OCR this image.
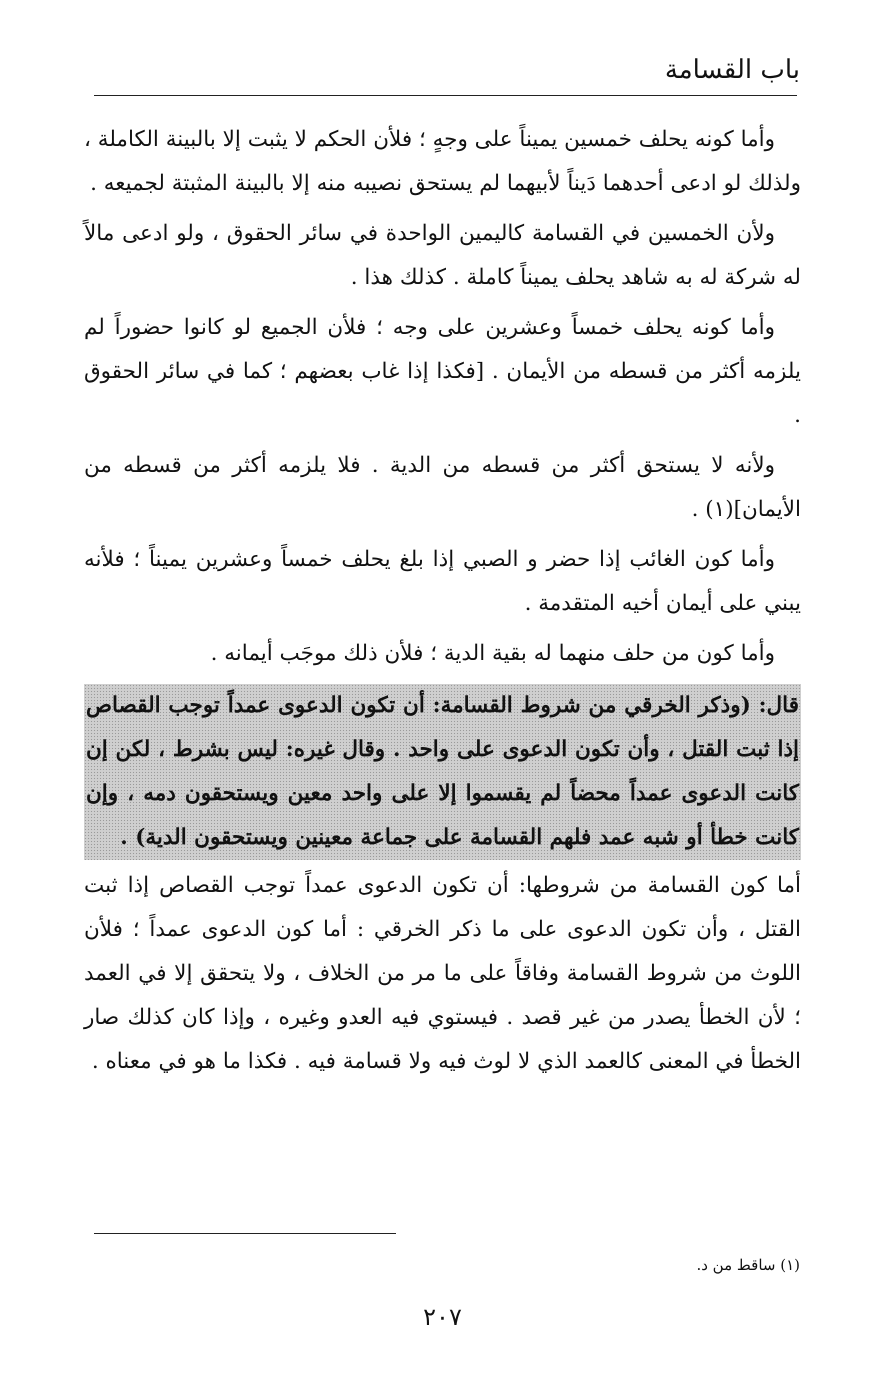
باب القسامة

وأما كونه يحلف خمسين يميناً على وجهٍ ؛ فلأن الحكم لا يثبت إلا بالبينة الكاملة ، ولذلك لو ادعى أحدهما دَيناً لأبيهما لم يستحق نصيبه منه إلا بالبينة المثبتة لجميعه .

ولأن الخمسين في القسامة كاليمين الواحدة في سائر الحقوق ، ولو ادعى مالاً له شركة له به شاهد يحلف يميناً كاملة . كذلك هذا .

وأما كونه يحلف خمساً وعشرين على وجه ؛ فلأن الجميع لو كانوا حضوراً لم يلزمه أكثر من قسطه من الأيمان . [فكذا إذا غاب بعضهم ؛ كما في سائر الحقوق .

ولأنه لا يستحق أكثر من قسطه من الدية . فلا يلزمه أكثر من قسطه من الأيمان](١) .

وأما كون الغائب إذا حضر و الصبي إذا بلغ يحلف خمساً وعشرين يميناً ؛ فلأنه يبني على أيمان أخيه المتقدمة .

وأما كون من حلف منهما له بقية الدية ؛ فلأن ذلك موجَب أيمانه .

قال: (وذكر الخرقي من شروط القسامة: أن تكون الدعوى عمداً توجب القصاص إذا ثبت القتل ، وأن تكون الدعوى على واحد . وقال غيره: ليس بشرط ، لكن إن كانت الدعوى عمداً محضاً لم يقسموا إلا على واحد معين ويستحقون دمه ، وإن كانت خطأ أو شبه عمد فلهم القسامة على جماعة معينين ويستحقون الدية) .

أما كون القسامة من شروطها: أن تكون الدعوى عمداً توجب القصاص إذا ثبت القتل ، وأن تكون الدعوى على ما ذكر الخرقي : أما كون الدعوى عمداً ؛ فلأن اللوث من شروط القسامة وفاقاً على ما مر من الخلاف ، ولا يتحقق إلا في العمد ؛ لأن الخطأ يصدر من غير قصد . فيستوي فيه العدو وغيره ، وإذا كان كذلك صار الخطأ في المعنى كالعمد الذي لا لوث فيه ولا قسامة فيه . فكذا ما هو في معناه .

(١) ساقط من د.
٢٠٧
